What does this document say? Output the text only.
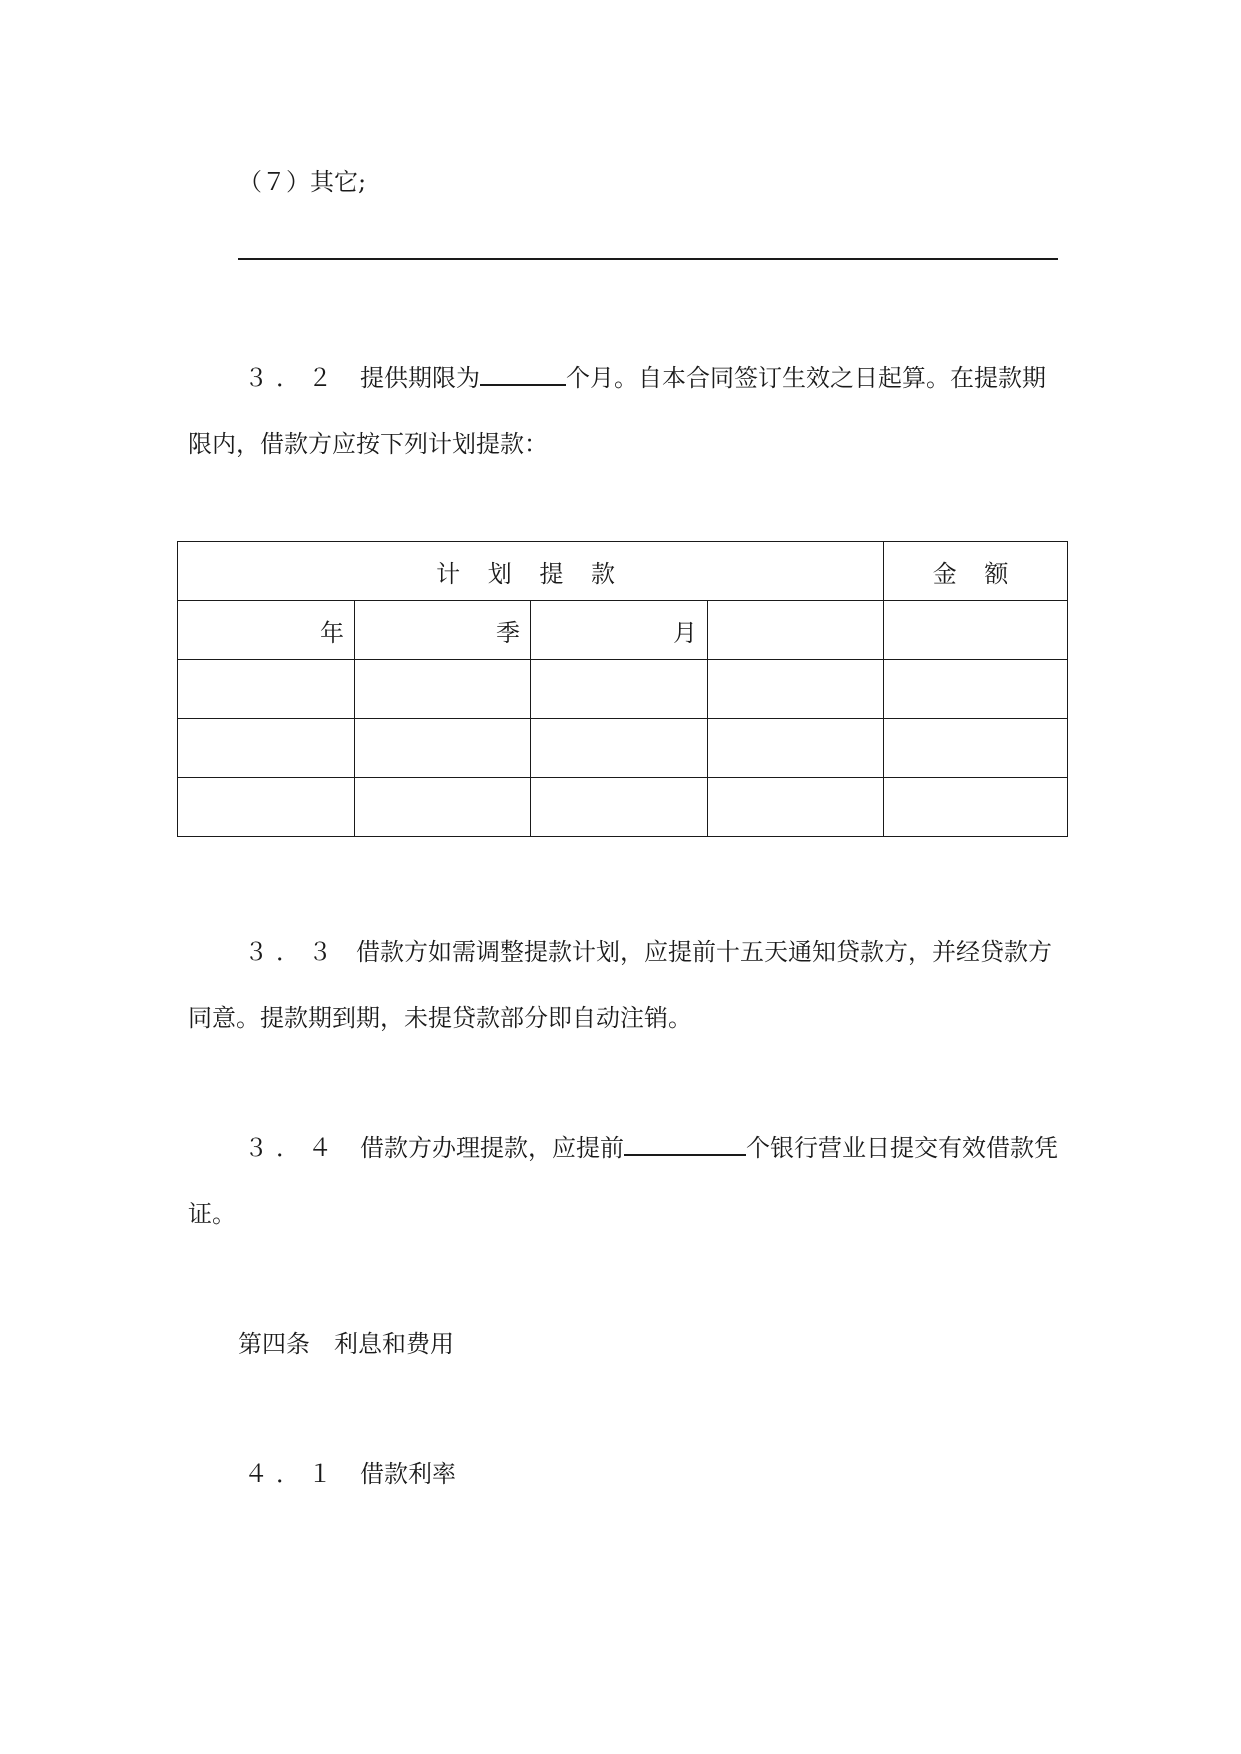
（７）其它;
３．２ 提供期限为	个月。自本合同签订生效之日起算。在提款期
限内，借款方应按下列计划提款：
计 划 提 款				金 额
年	季	月		

３．３ 借款方如需调整提款计划，应提前十五天通知贷款方，并经贷款方
同意。提款期到期，未提贷款部分即自动注销。
３．４ 借款方办理提款，应提前	个银行营业日提交有效借款凭
证。
第四条　利息和费用
４．１ 借款利率
